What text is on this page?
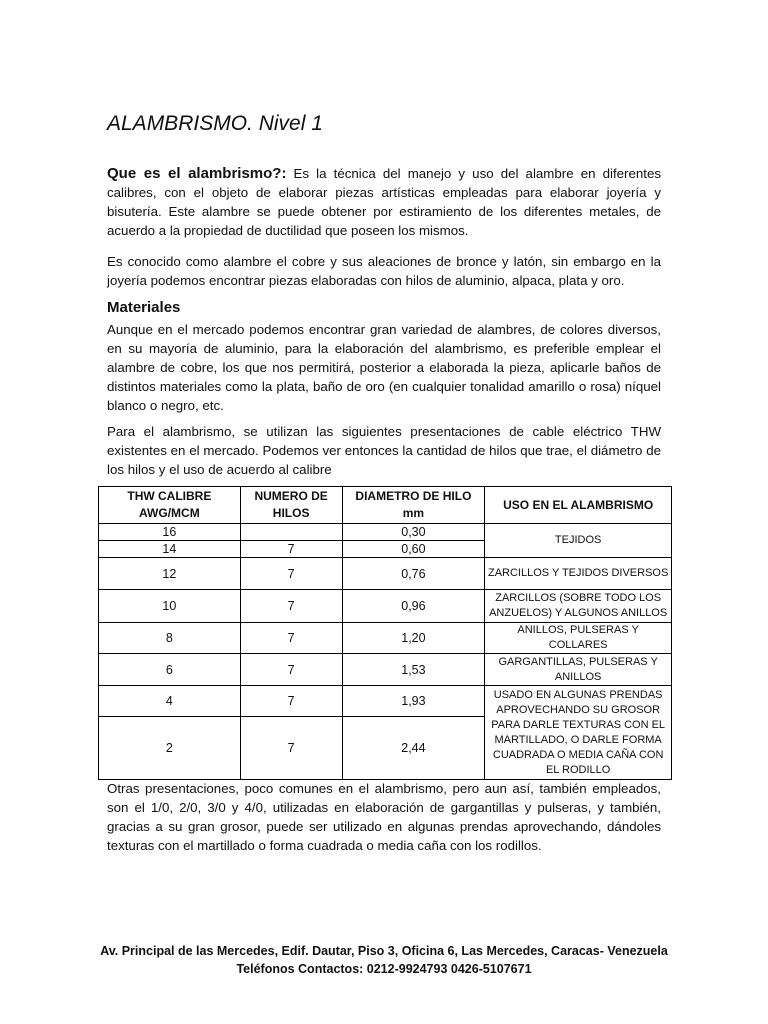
ALAMBRISMO. Nivel 1

Que es el alambrismo?: Es la técnica del manejo y uso del alambre en diferentes calibres, con el objeto de elaborar piezas artísticas empleadas para elaborar joyería y bisutería. Este alambre se puede obtener por estiramiento de los diferentes metales, de acuerdo a la propiedad de ductilidad que poseen los mismos.

Es conocido como alambre el cobre y sus aleaciones de bronce y latón, sin embargo en la joyería podemos encontrar piezas elaboradas con hilos de aluminio, alpaca, plata y oro.

Materiales

Aunque en el mercado podemos encontrar gran variedad de alambres, de colores diversos, en su mayoría de aluminio, para la elaboración del alambrismo, es preferible emplear el alambre de cobre, los que nos permitirá, posterior a elaborada la pieza, aplicarle baños de distintos materiales como la plata, baño de oro (en cualquier tonalidad amarillo o rosa) níquel blanco o negro, etc.

Para el alambrismo, se utilizan las siguientes presentaciones de cable eléctrico THW existentes en el mercado. Podemos ver entonces la cantidad de hilos que trae, el diámetro de los hilos y el uso de acuerdo al calibre

THW CALIBRE AWG/MCM	NUMERO DE HILOS	DIAMETRO DE HILO mm	USO EN EL ALAMBRISMO
16		0,30	TEJIDOS
14	7	0,60	
12	7	0,76	ZARCILLOS Y TEJIDOS DIVERSOS
10	7	0,96	ZARCILLOS (SOBRE TODO LOS ANZUELOS) Y ALGUNOS ANILLOS
8	7	1,20	ANILLOS, PULSERAS Y COLLARES
6	7	1,53	GARGANTILLAS, PULSERAS Y ANILLOS
4	7	1,93	USADO EN ALGUNAS PRENDAS APROVECHANDO SU GROSOR PARA DARLE TEXTURAS CON EL MARTILLADO, O DARLE FORMA CUADRADA O MEDIA CAÑA CON EL RODILLO
2	7	2,44	

Otras presentaciones, poco comunes en el alambrismo, pero aun así, también empleados, son el 1/0, 2/0, 3/0 y 4/0, utilizadas en elaboración de gargantillas y pulseras, y también, gracias a su gran grosor, puede ser utilizado en algunas prendas aprovechando, dándoles texturas con el martillado o forma cuadrada o media caña con los rodillos.

Av. Principal de las Mercedes, Edif. Dautar, Piso 3, Oficina 6, Las Mercedes, Caracas- Venezuela

Teléfonos Contactos: 0212-9924793 0426-5107671
